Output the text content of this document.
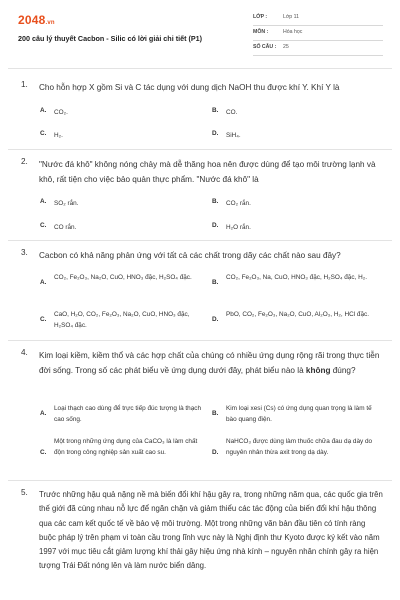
2048.vn
200 câu lý thuyết Cacbon - Silic có lời giải chi tiết (P1)
LỚP :	Lớp 11
MÔN :	Hóa học
SỐ CÂU : 25
1. Cho hỗn hợp X gồm Si và C tác dụng với dung dịch NaOH thu được khí Y. Khí Y là
A. CO₂.	B. CO.
C. H₂.	D. SiH₄.
2. "Nước đá khô" không nóng chảy mà dễ thăng hoa nên được dùng để tạo môi trường lạnh và khô, rất tiện cho việc bảo quản thực phẩm. "Nước đá khô" là
A. SO₂ rắn.	B. CO₂ rắn.
C. CO rắn.	D. H₂O rắn.
3. Cacbon có khả năng phản ứng với tất cả các chất trong dãy các chất nào sau đây?
A.
CO₂, Fe₂O₃, Na₂O, CuO, HNO₃ đặc, H₂SO₄ đặc.
B.
CO₂, Fe₂O₃, Na, CuO, HNO₃ đặc, H₂SO₄ đặc, H₂.
C.
CaO, H₂O, CO₂, Fe₂O₃, Na₂O, CuO, HNO₃ đặc, H₂SO₄ đặc.
D.
PbO, CO₂, Fe₂O₃, Na₂O, CuO, Al₂O₃, H₂, HCl đặc.
4. Kim loại kiềm, kiềm thổ và các hợp chất của chúng có nhiều ứng dụng rộng rãi trong thực tiễn đời sống. Trong số các phát biểu về ứng dụng dưới đây, phát biểu nào là không đúng?
A.
Loại thạch cao dùng để trực tiếp đúc tượng là thạch cao sống.
B.
Kim loại xesi (Cs) có ứng dụng quan trọng là làm tế bào quang điện.
C.
Một trong những ứng dụng của CaCO₃ là làm chất độn trong công nghiệp sản xuất cao su.	D.
NaHCO₃ được dùng làm thuốc chữa đau dạ dày do nguyên nhân thừa axit trong dạ dày.
5. Trước những hậu quả nặng nề mà biến đổi khí hậu gây ra, trong những năm qua, các quốc gia trên thế giới đã cùng nhau nỗ lực để ngăn chặn và giảm thiểu các tác động của biến đổi khí hậu thông qua các cam kết quốc tế về bảo vệ môi trường. Một trong những văn bản đầu tiên có tính ràng buộc pháp lý trên phạm vi toàn cầu trong lĩnh vực này là Nghị định thư Kyoto được ký kết vào năm 1997 với mục tiêu cắt giảm lượng khí thải gây hiệu ứng nhà kính – nguyên nhân chính gây ra hiện tượng Trái Đất nóng lên và làm nước biển dâng.
